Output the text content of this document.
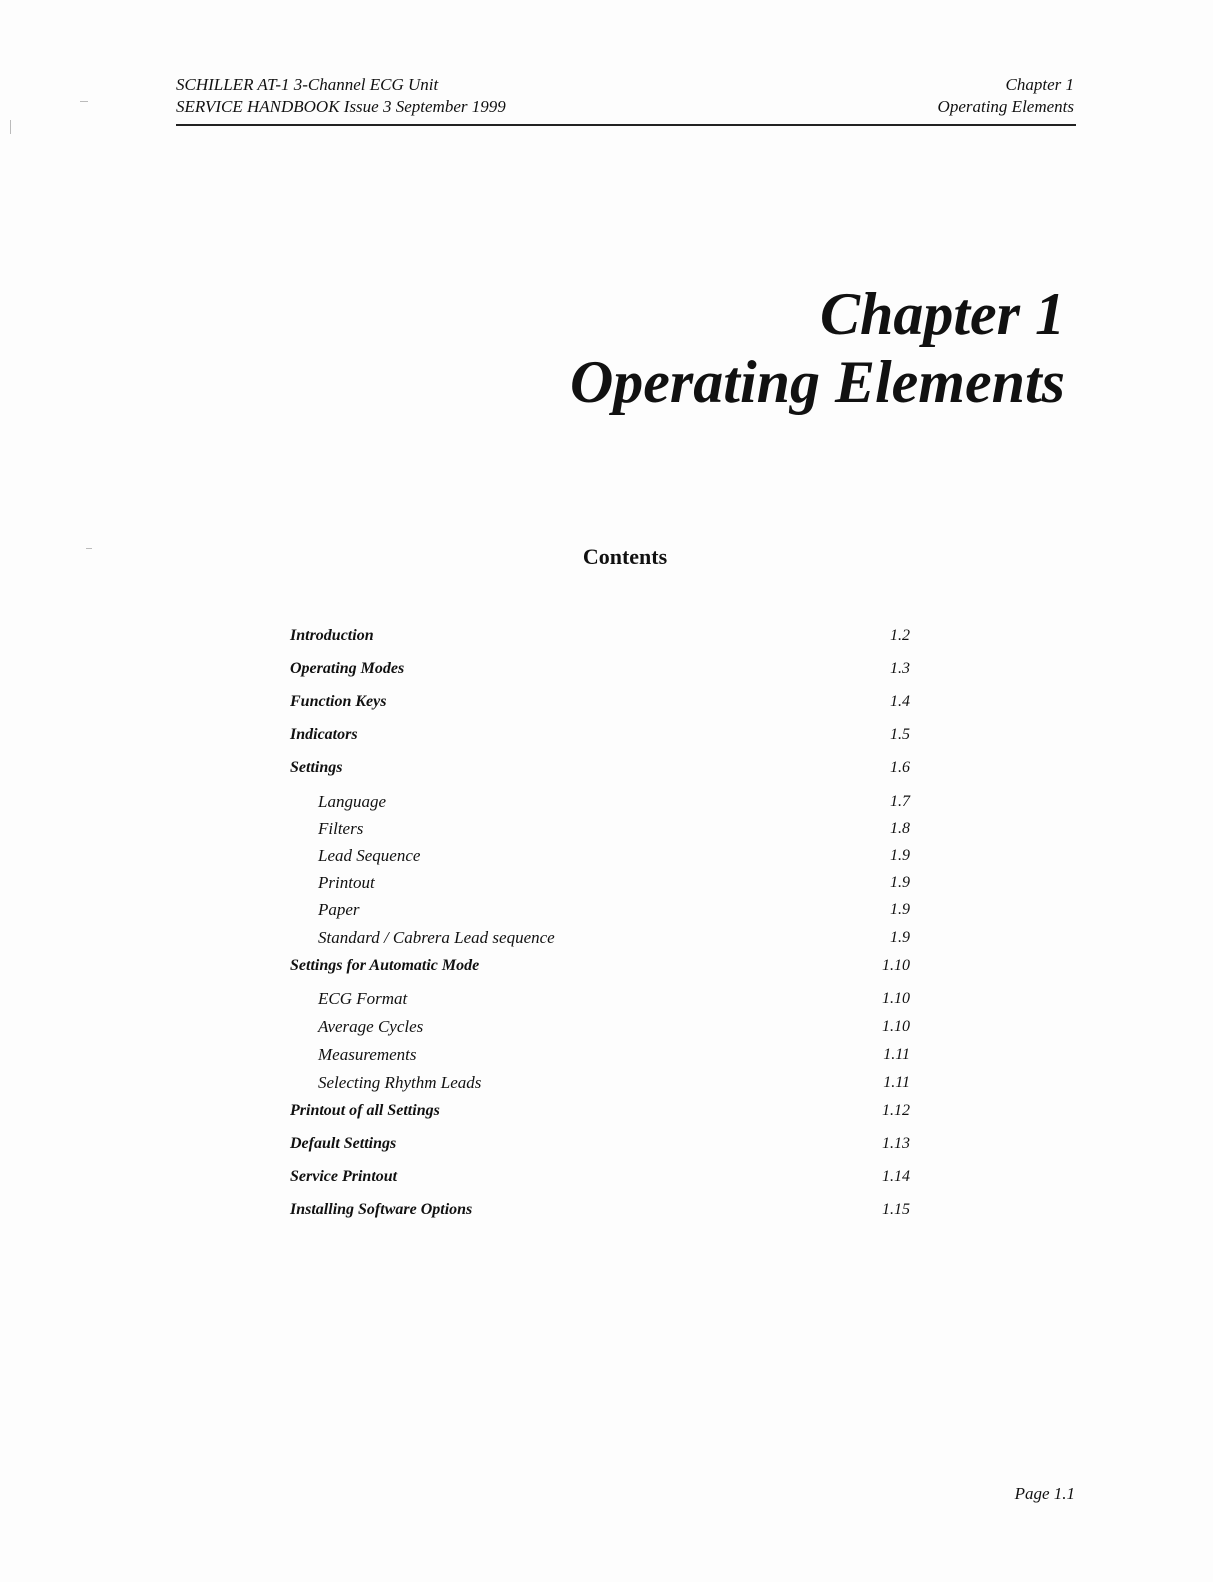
SCHILLER AT-1 3-Channel ECG Unit
SERVICE HANDBOOK Issue 3 September 1999
Chapter 1
Operating Elements
Chapter 1
Operating Elements
Contents
Introduction	1.2
Operating Modes	1.3
Function Keys	1.4
Indicators	1.5
Settings	1.6
Language	1.7
Filters	1.8
Lead Sequence	1.9
Printout	1.9
Paper	1.9
Standard / Cabrera Lead sequence	1.9
Settings for Automatic Mode	1.10
ECG Format	1.10
Average Cycles	1.10
Measurements	1.11
Selecting Rhythm Leads	1.11
Printout of all Settings	1.12
Default Settings	1.13
Service Printout	1.14
Installing Software Options	1.15
Page 1.1
